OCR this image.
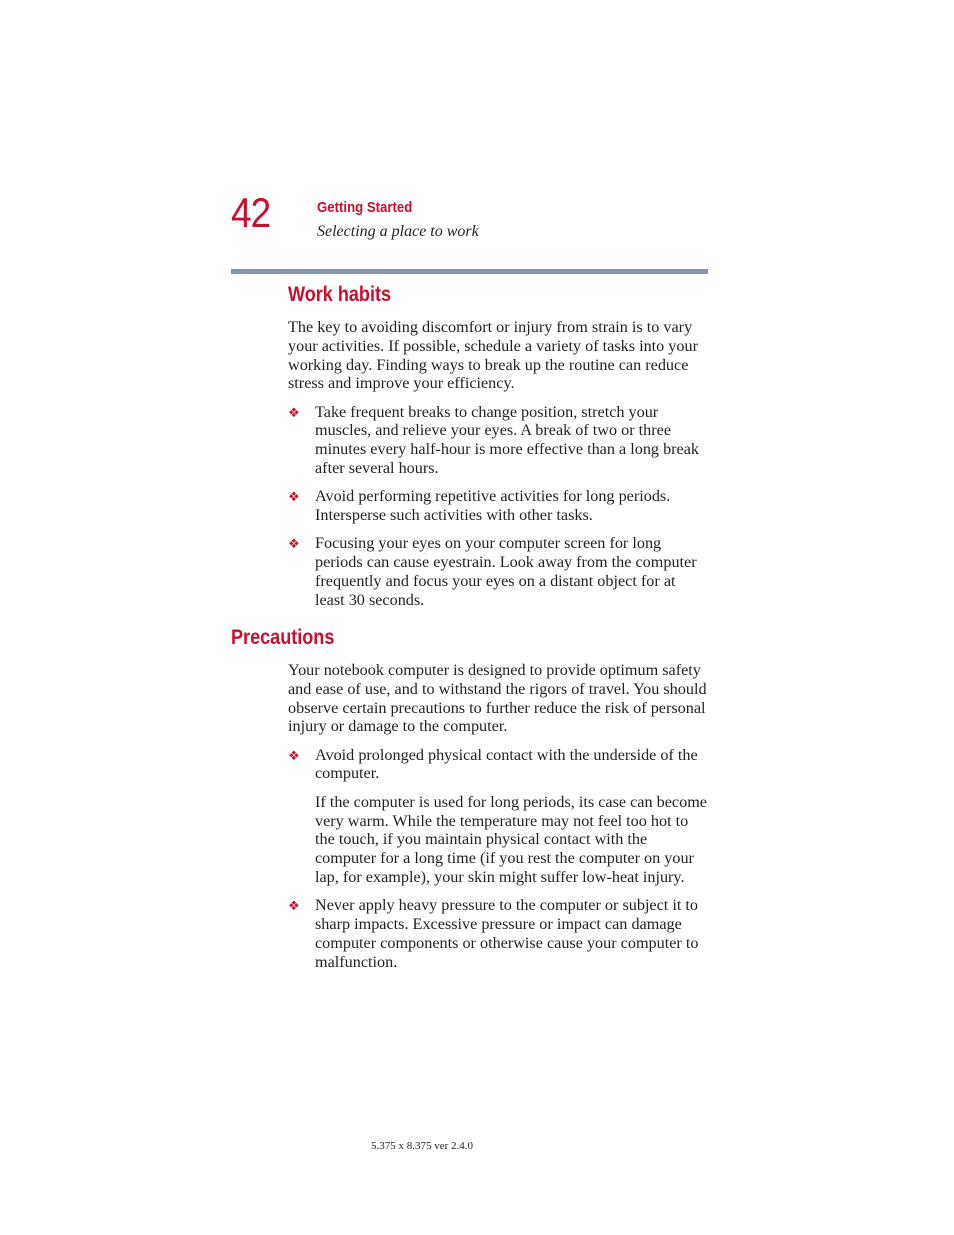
42	Getting Started
Selecting a place to work
Work habits

The key to avoiding discomfort or injury from strain is to vary your activities. If possible, schedule a variety of tasks into your working day. Finding ways to break up the routine can reduce stress and improve your efficiency.

❖ Take frequent breaks to change position, stretch your muscles, and relieve your eyes. A break of two or three minutes every half-hour is more effective than a long break after several hours.
❖ Avoid performing repetitive activities for long periods. Intersperse such activities with other tasks.
❖ Focusing your eyes on your computer screen for long periods can cause eyestrain. Look away from the computer frequently and focus your eyes on a distant object for at least 30 seconds.
Precautions

Your notebook computer is designed to provide optimum safety and ease of use, and to withstand the rigors of travel. You should observe certain precautions to further reduce the risk of personal injury or damage to the computer.

❖ Avoid prolonged physical contact with the underside of the computer.
If the computer is used for long periods, its case can become very warm. While the temperature may not feel too hot to the touch, if you maintain physical contact with the computer for a long time (if you rest the computer on your lap, for example), your skin might suffer low-heat injury.
❖ Never apply heavy pressure to the computer or subject it to sharp impacts. Excessive pressure or impact can damage computer components or otherwise cause your computer to malfunction.
5.375 x 8.375 ver 2.4.0
